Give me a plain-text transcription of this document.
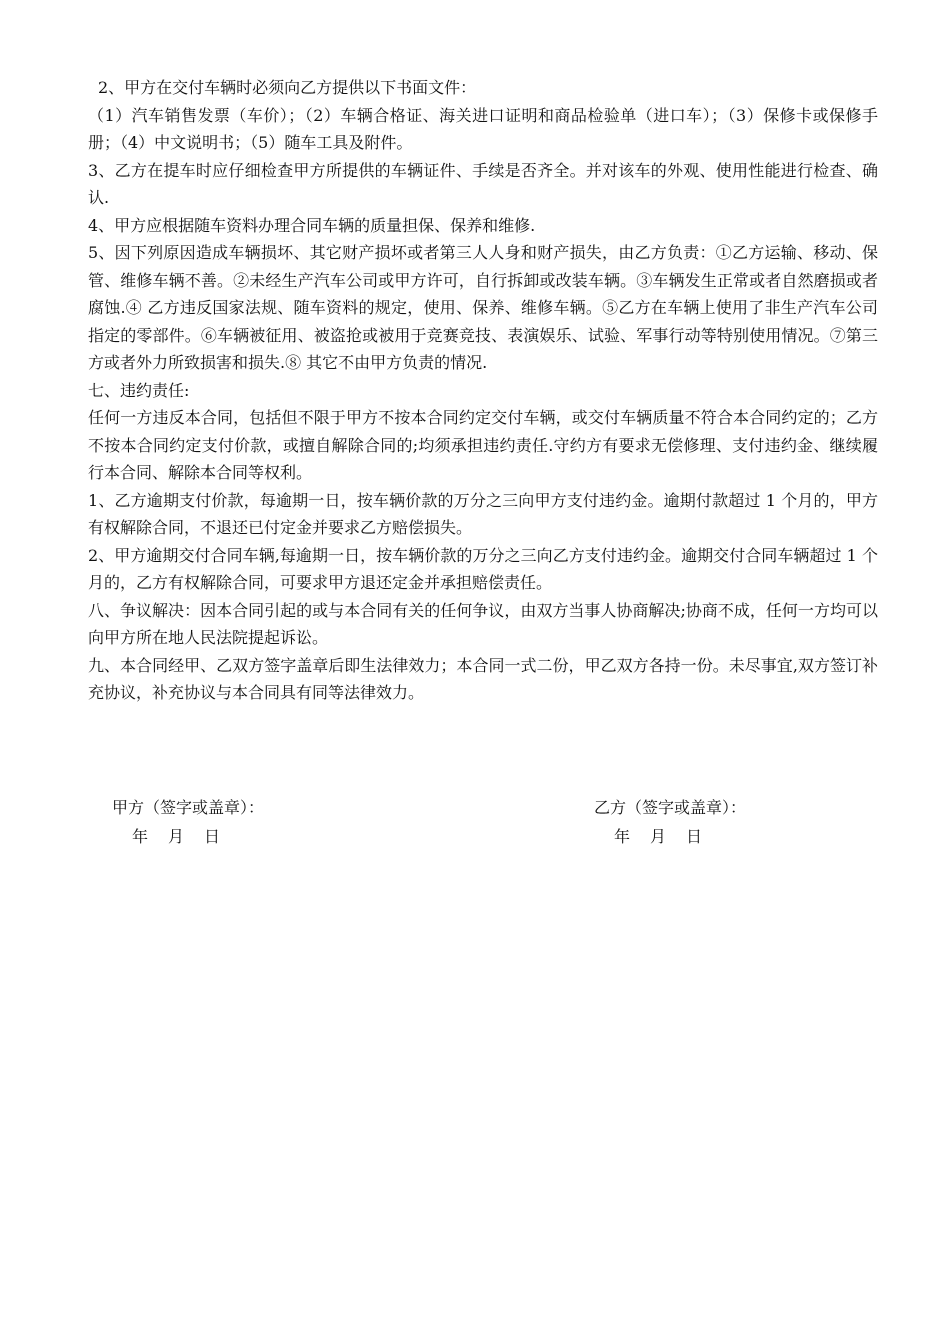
2、甲方在交付车辆时必须向乙方提供以下书面文件：

（1）汽车销售发票（车价）；（2）车辆合格证、海关进口证明和商品检验单（进口车）；（3）保修卡或保修手册；（4）中文说明书；（5）随车工具及附件。

3、乙方在提车时应仔细检查甲方所提供的车辆证件、手续是否齐全。并对该车的外观、使用性能进行检查、确认.

4、甲方应根据随车资料办理合同车辆的质量担保、保养和维修.

5、因下列原因造成车辆损坏、其它财产损坏或者第三人人身和财产损失，由乙方负责：①乙方运输、移动、保管、维修车辆不善。②未经生产汽车公司或甲方许可，自行拆卸或改装车辆。③车辆发生正常或者自然磨损或者腐蚀.④ 乙方违反国家法规、随车资料的规定，使用、保养、维修车辆。⑤乙方在车辆上使用了非生产汽车公司指定的零部件。⑥车辆被征用、被盗抢或被用于竞赛竞技、表演娱乐、试验、军事行动等特别使用情况。⑦第三方或者外力所致损害和损失.⑧ 其它不由甲方负责的情况.

七、违约责任:

任何一方违反本合同，包括但不限于甲方不按本合同约定交付车辆，或交付车辆质量不符合本合同约定的；乙方不按本合同约定支付价款，或擅自解除合同的;均须承担违约责任.守约方有要求无偿修理、支付违约金、继续履行本合同、解除本合同等权利。

1、乙方逾期支付价款，每逾期一日，按车辆价款的万分之三向甲方支付违约金。逾期付款超过 1 个月的，甲方有权解除合同，不退还已付定金并要求乙方赔偿损失。

2、甲方逾期交付合同车辆,每逾期一日，按车辆价款的万分之三向乙方支付违约金。逾期交付合同车辆超过 1 个月的，乙方有权解除合同，可要求甲方退还定金并承担赔偿责任。

八、争议解决：因本合同引起的或与本合同有关的任何争议，由双方当事人协商解决;协商不成，任何一方均可以向甲方所在地人民法院提起诉讼。

九、本合同经甲、乙双方签字盖章后即生法律效力；本合同一式二份，甲乙双方各持一份。未尽事宜,双方签订补充协议，补充协议与本合同具有同等法律效力。

甲方（签字或盖章）：
年 月 日
乙方（签字或盖章）：
年 月 日
